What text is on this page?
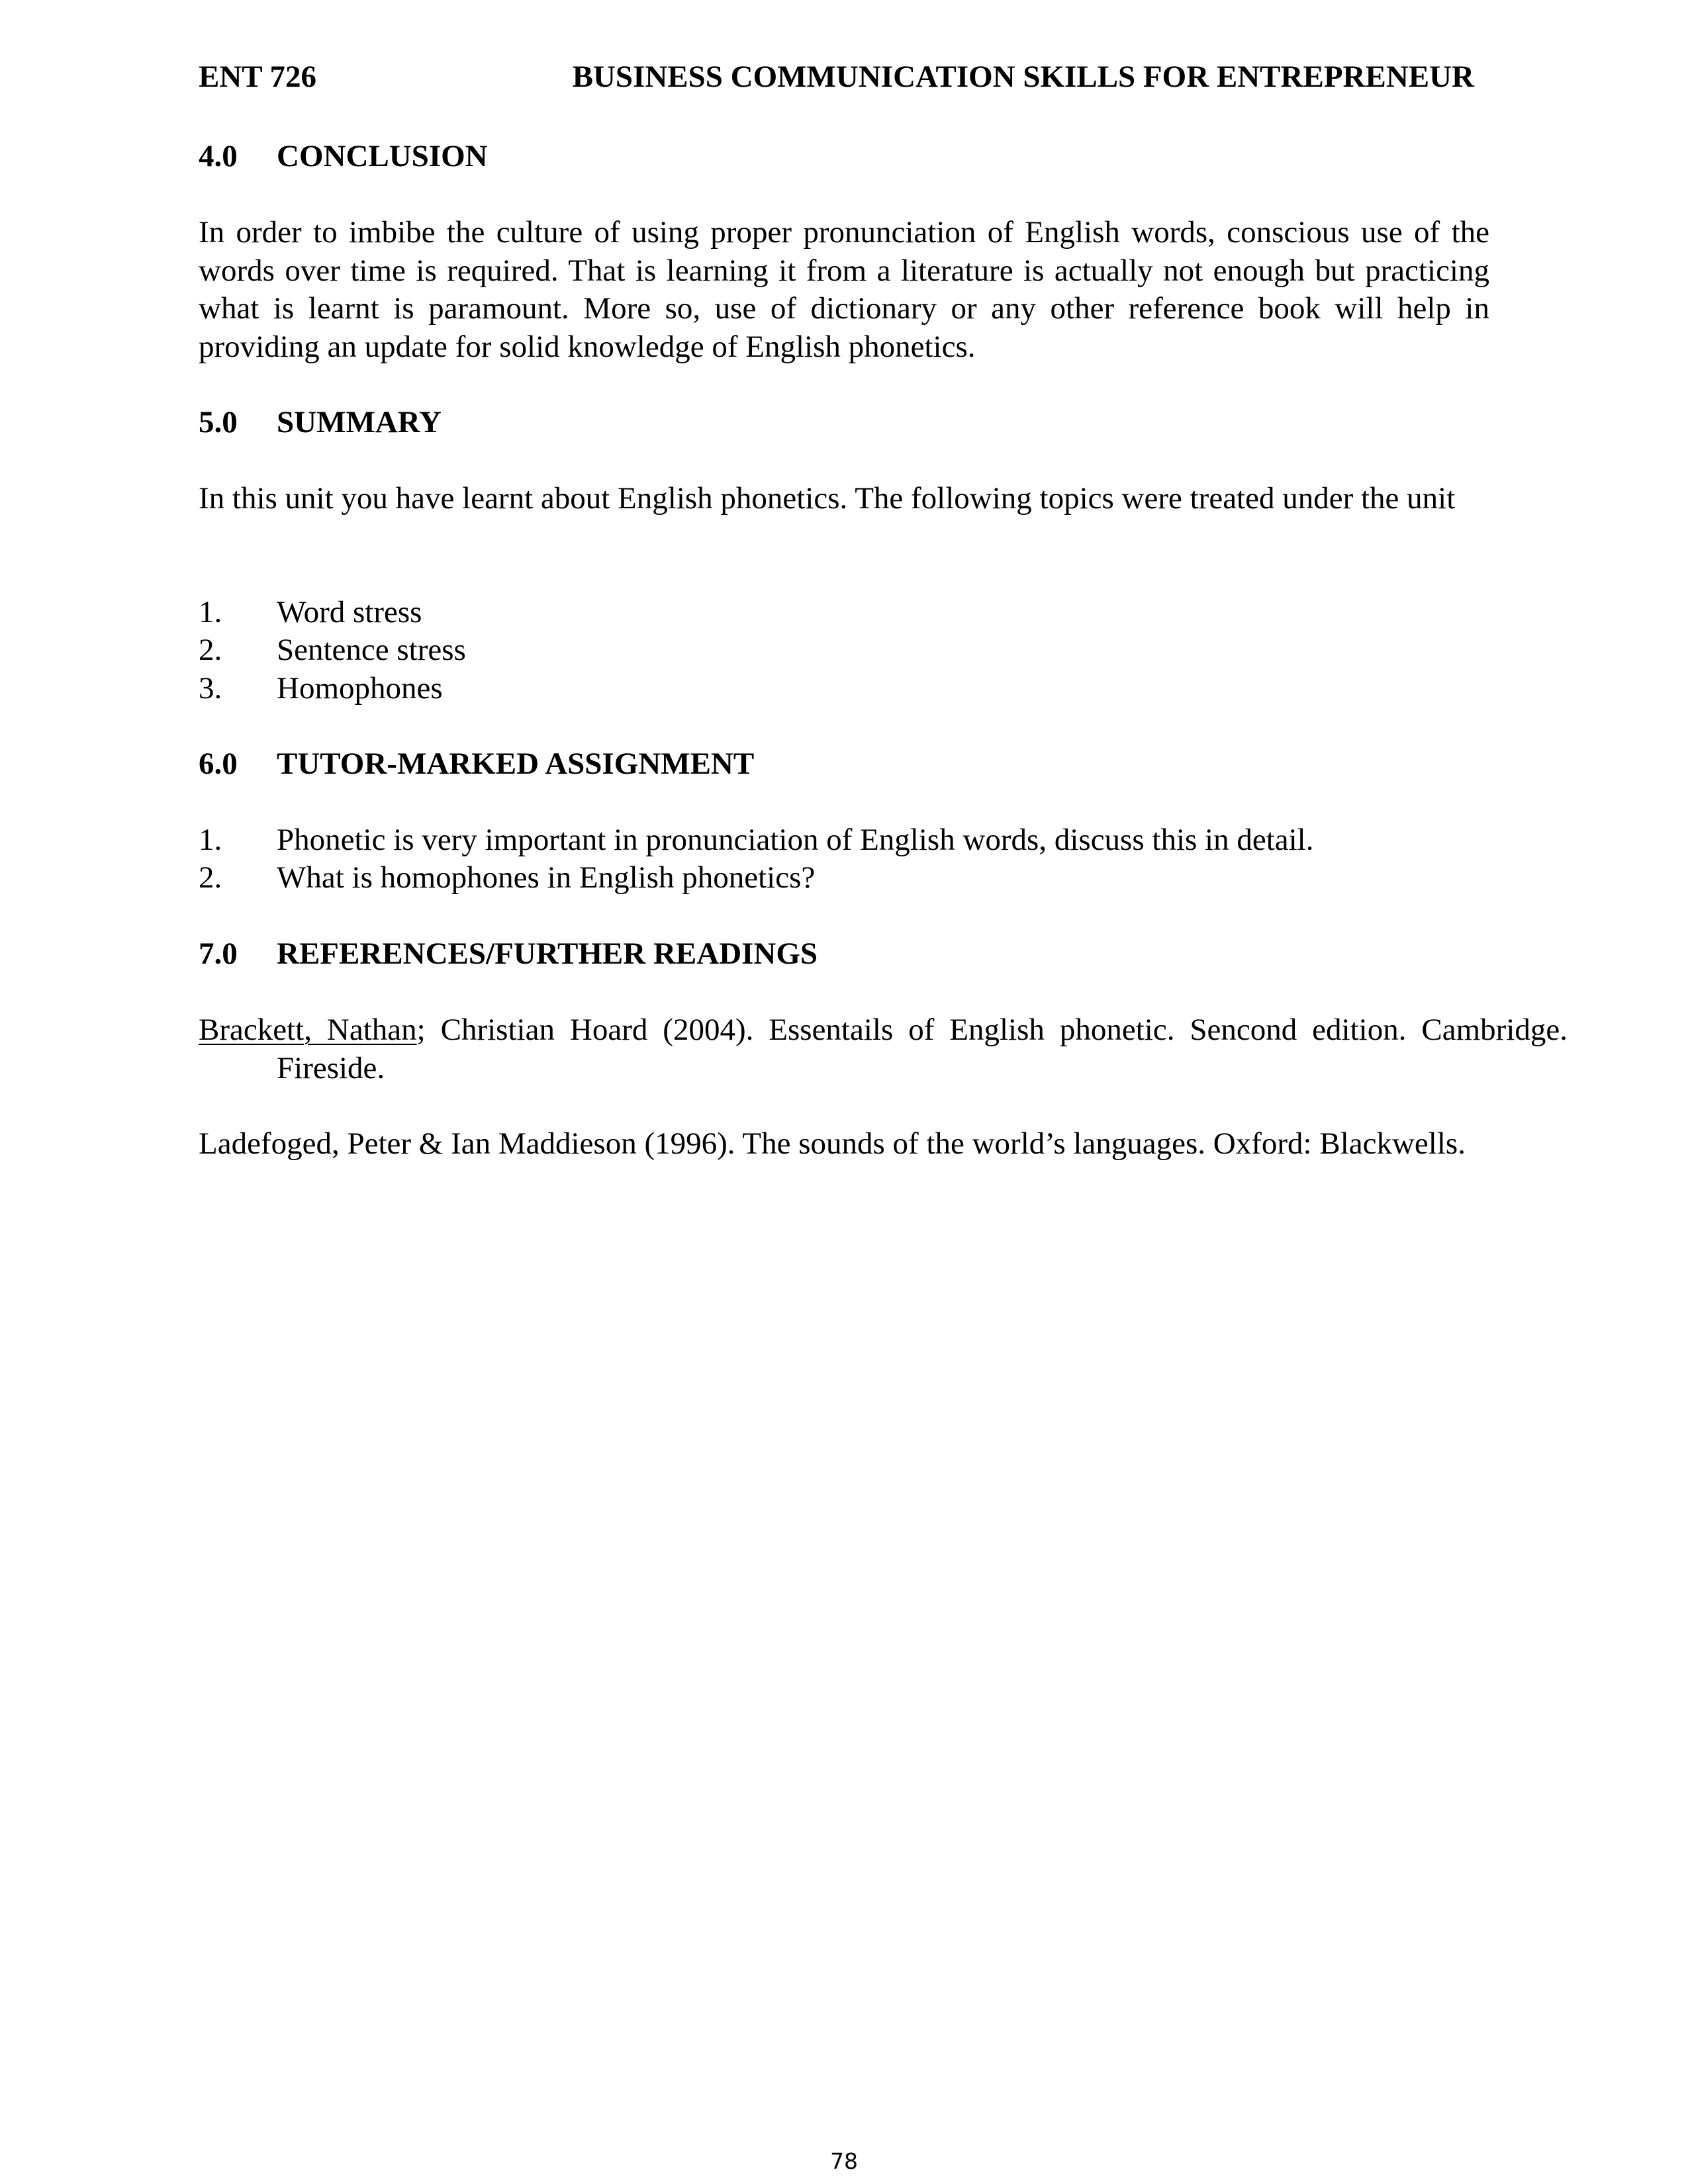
ENT 726	BUSINESS COMMUNICATION SKILLS FOR ENTREPRENEUR
4.0 CONCLUSION
In order to imbibe the culture of using proper pronunciation of English words, conscious use of the words over time is required. That is learning it from a literature is actually not enough but practicing what is learnt is paramount. More so, use of dictionary or any other reference book will help in providing an update for solid knowledge of English phonetics.
5.0 SUMMARY
In this unit you have learnt about English phonetics. The following topics were treated under the unit
1. Word stress
2. Sentence stress
3. Homophones
6.0 TUTOR-MARKED ASSIGNMENT
1. Phonetic is very important in pronunciation of English words, discuss this in detail.
2. What is homophones in English phonetics?
7.0 REFERENCES/FURTHER READINGS
Brackett, Nathan; Christian Hoard (2004). Essentails of English phonetic. Sencond edition. Cambridge. Fireside.
Ladefoged, Peter & Ian Maddieson (1996). The sounds of the world’s languages. Oxford: Blackwells.
78
